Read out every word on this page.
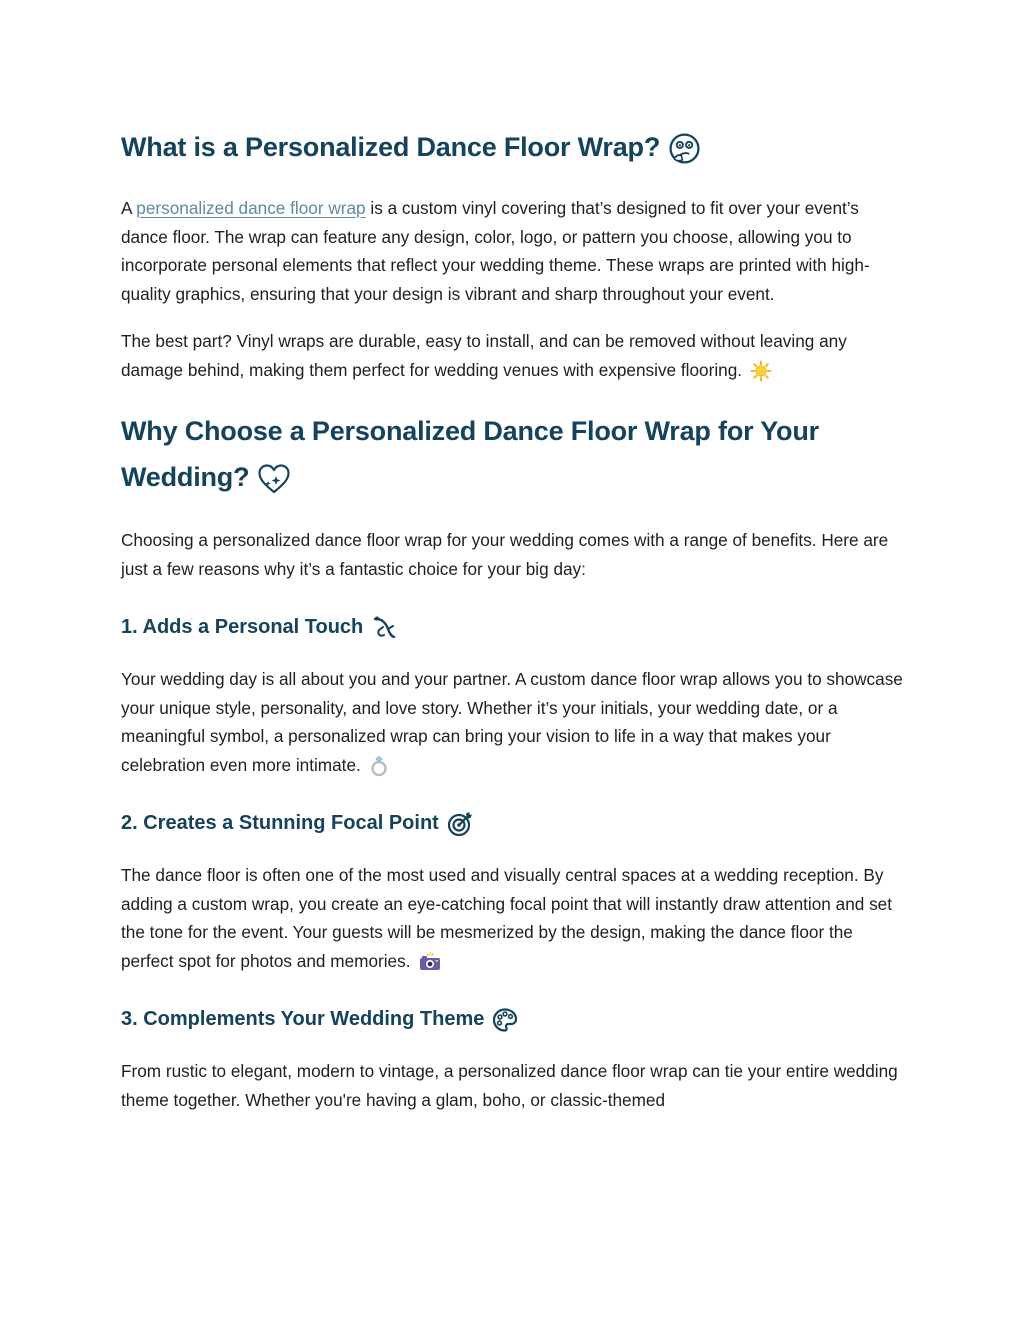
What is a Personalized Dance Floor Wrap?

A personalized dance floor wrap is a custom vinyl covering that’s designed to fit over your event’s dance floor. The wrap can feature any design, color, logo, or pattern you choose, allowing you to incorporate personal elements that reflect your wedding theme. These wraps are printed with high-quality graphics, ensuring that your design is vibrant and sharp throughout your event.

The best part? Vinyl wraps are durable, easy to install, and can be removed without leaving any damage behind, making them perfect for wedding venues with expensive flooring.

Why Choose a Personalized Dance Floor Wrap for Your Wedding?

Choosing a personalized dance floor wrap for your wedding comes with a range of benefits. Here are just a few reasons why it’s a fantastic choice for your big day:

1. Adds a Personal Touch

Your wedding day is all about you and your partner. A custom dance floor wrap allows you to showcase your unique style, personality, and love story. Whether it’s your initials, your wedding date, or a meaningful symbol, a personalized wrap can bring your vision to life in a way that makes your celebration even more intimate.

2. Creates a Stunning Focal Point

The dance floor is often one of the most used and visually central spaces at a wedding reception. By adding a custom wrap, you create an eye-catching focal point that will instantly draw attention and set the tone for the event. Your guests will be mesmerized by the design, making the dance floor the perfect spot for photos and memories.

3. Complements Your Wedding Theme

From rustic to elegant, modern to vintage, a personalized dance floor wrap can tie your entire wedding theme together. Whether you're having a glam, boho, or classic-themed
